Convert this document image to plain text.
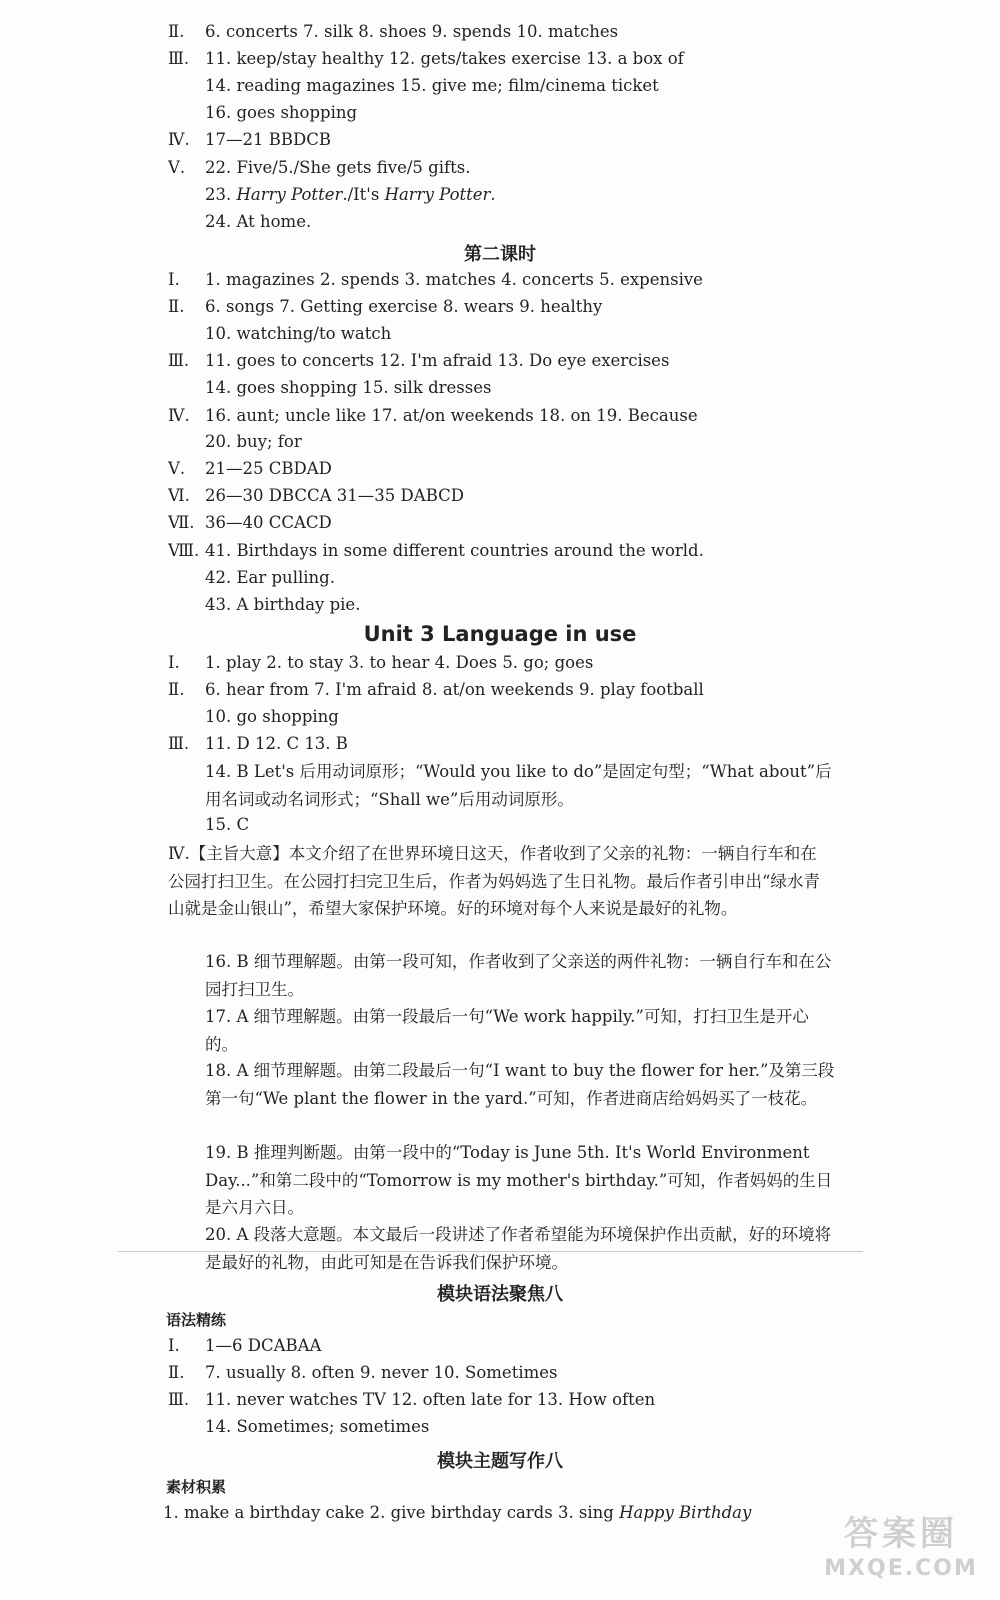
Ⅱ. 6. concerts 7. silk 8. shoes 9. spends 10. matches
Ⅲ. 11. keep/stay healthy 12. gets/takes exercise 13. a box of
14. reading magazines 15. give me; film/cinema ticket
16. goes shopping
Ⅳ. 17—21 BBDCB
Ⅴ. 22. Five/5./She gets five/5 gifts.
23. Harry Potter./It's Harry Potter.
24. At home.
第二课时
Ⅰ. 1. magazines 2. spends 3. matches 4. concerts 5. expensive
Ⅱ. 6. songs 7. Getting exercise 8. wears 9. healthy
10. watching/to watch
Ⅲ. 11. goes to concerts 12. I'm afraid 13. Do eye exercises
14. goes shopping 15. silk dresses
Ⅳ. 16. aunt; uncle like 17. at/on weekends 18. on 19. Because
20. buy; for
Ⅴ. 21—25 CBDAD
Ⅵ. 26—30 DBCCA 31—35 DABCD
Ⅶ. 36—40 CCACD
Ⅷ. 41. Birthdays in some different countries around the world.
42. Ear pulling.
43. A birthday pie.
Unit 3 Language in use
Ⅰ. 1. play 2. to stay 3. to hear 4. Does 5. go; goes
Ⅱ. 6. hear from 7. I'm afraid 8. at/on weekends 9. play football
10. go shopping
Ⅲ. 11. D 12. C 13. B
14. B Let's 后用动词原形；“Would you like to do”是固定句型；“What about”后用名词或动名词形式；“Shall we”后用动词原形。
15. C
Ⅳ.【主旨大意】本文介绍了在世界环境日这天，作者收到了父亲的礼物：一辆自行车和在公园打扫卫生。在公园打扫完卫生后，作者为妈妈选了生日礼物。最后作者引申出“绿水青山就是金山银山”，希望大家保护环境。好的环境对每个人来说是最好的礼物。
16. B 细节理解题。由第一段可知，作者收到了父亲送的两件礼物：一辆自行车和在公园打扫卫生。
17. A 细节理解题。由第一段最后一句“We work happily.”可知，打扫卫生是开心的。
18. A 细节理解题。由第二段最后一句“I want to buy the flower for her.”及第三段第一句“We plant the flower in the yard.”可知，作者进商店给妈妈买了一枝花。
19. B 推理判断题。由第一段中的“Today is June 5th. It's World Environment Day...”和第二段中的“Tomorrow is my mother's birthday.”可知，作者妈妈的生日是六月六日。
20. A 段落大意题。本文最后一段讲述了作者希望能为环境保护作出贡献，好的环境将是最好的礼物，由此可知是在告诉我们保护环境。
模块语法聚焦八
语法精练
Ⅰ. 1—6 DCABAA
Ⅱ. 7. usually 8. often 9. never 10. Sometimes
Ⅲ. 11. never watches TV 12. often late for 13. How often
14. Sometimes; sometimes
模块主题写作八
素材积累
1. make a birthday cake 2. give birthday cards 3. sing Happy Birthday
答案圈
MXQE.COM
